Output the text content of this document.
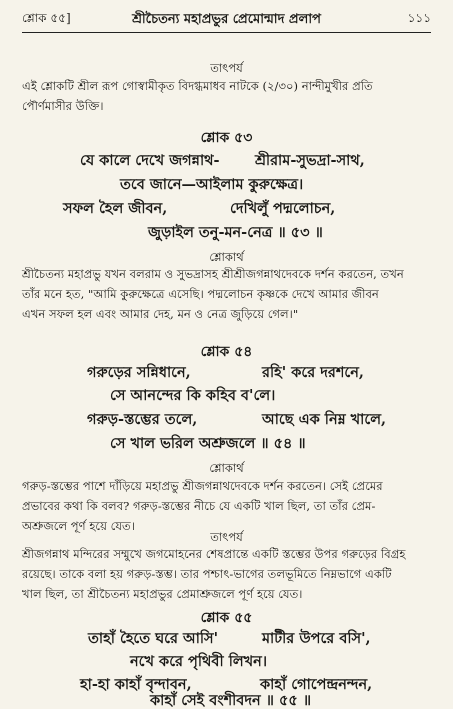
শ্লোক ৫৫]	শ্রীচৈতন্য মহাপ্রভুর প্রেমোন্মাদ প্রলাপ	১১১
তাৎপর্য
এই শ্লোকটি শ্রীল রূপ গোস্বামীকৃত বিদগ্ধমাধব নাটকে (২/৩০) নান্দীমুখীর প্রতি
পৌর্ণমাসীর উক্তি।
শ্লোক ৫৩
যে কালে দেখে জগন্নাথ- শ্রীরাম-সুভদ্রা-সাথ,
তবে জানে—আইলাম কুরুক্ষেত্র।
সফল হৈল জীবন,	দেখিলুঁ পদ্মলোচন,
জুড়াইল তনু-মন-নেত্র ॥ ৫৩ ॥
শ্লোকার্থ
শ্রীচৈতন্য মহাপ্রভু যখন বলরাম ও সুভদ্রাসহ শ্রীশ্রীজগন্নাথদেবকে দর্শন করতেন, তখন
তাঁর মনে হত, "আমি কুরুক্ষেত্রে এসেছি। পদ্মলোচন কৃষ্ণকে দেখে আমার জীবন
এখন সফল হল এবং আমার দেহ, মন ও নেত্র জুড়িয়ে গেল।"
শ্লোক ৫৪
গরুড়ের সন্নিধানে,	রহি' করে দরশনে,
সে আনন্দের কি কহিব ব'লে।
গরুড়-স্তম্ভের তলে,	আছে এক নিম্ন খালে,
সে খাল ভরিল অশ্রুজলে ॥ ৫৪ ॥
শ্লোকার্থ
গরুড়-স্তম্ভের পাশে দাঁড়িয়ে মহাপ্রভু শ্রীজগন্নাথদেবকে দর্শন করতেন। সেই প্রেমের
প্রভাবের কথা কি বলব? গরুড়-স্তম্ভের নীচে যে একটি খাল ছিল, তা তাঁর প্রেম-
অশ্রুজলে পূর্ণ হয়ে যেত।
তাৎপর্য
শ্রীজগন্নাথ মন্দিরের সম্মুখে জগমোহনের শেষপ্রান্তে একটি স্তম্ভের উপর গরুড়ের বিগ্রহ
রয়েছে। তাকে বলা হয় গরুড়-স্তম্ভ। তার পশ্চাৎ-ভাগের তলভূমিতে নিম্নভাগে একটি
খাল ছিল, তা শ্রীচৈতন্য মহাপ্রভুর প্রেমাশ্রুজলে পূর্ণ হয়ে যেত।
শ্লোক ৫৫
তাহাঁ হৈতে ঘরে আসি'	মাটীর উপরে বসি',
নখে করে পৃথিবী লিখন।
হা-হা কাহাঁ বৃন্দাবন,	কাহাঁ গোপেন্দ্রনন্দন,
কাহাঁ সেই বংশীবদন ॥ ৫৫ ॥
